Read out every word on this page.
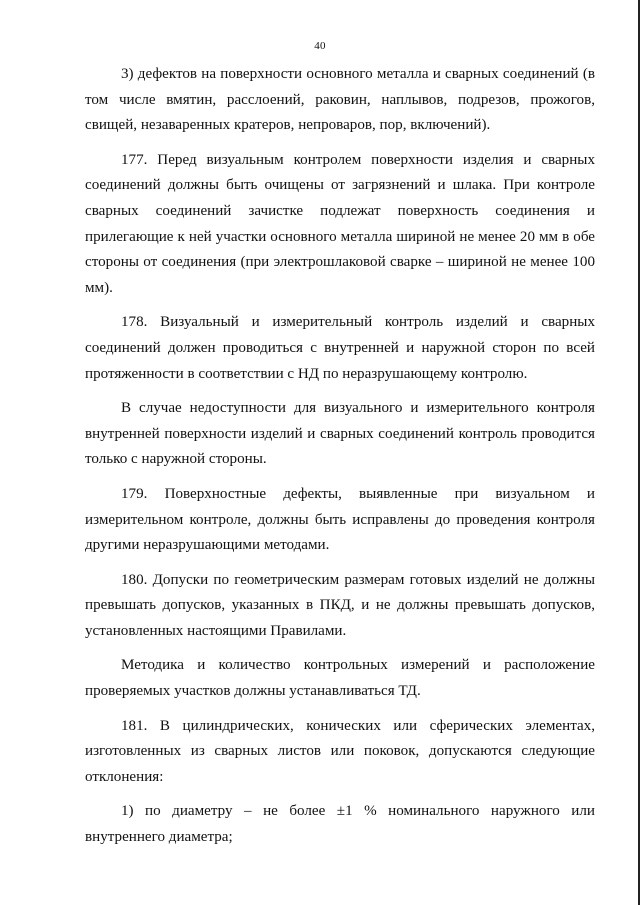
40

3) дефектов на поверхности основного металла и сварных соединений (в том числе вмятин, расслоений, раковин, наплывов, подрезов, прожогов, свищей, незаваренных кратеров, непроваров, пор, включений).

177. Перед визуальным контролем поверхности изделия и сварных соединений должны быть очищены от загрязнений и шлака. При контроле сварных соединений зачистке подлежат поверхность соединения и прилегающие к ней участки основного металла шириной не менее 20 мм в обе стороны от соединения (при электрошлаковой сварке – шириной не менее 100 мм).

178. Визуальный и измерительный контроль изделий и сварных соединений должен проводиться с внутренней и наружной сторон по всей протяженности в соответствии с НД по неразрушающему контролю.

В случае недоступности для визуального и измерительного контроля внутренней поверхности изделий и сварных соединений контроль проводится только с наружной стороны.

179. Поверхностные дефекты, выявленные при визуальном и измерительном контроле, должны быть исправлены до проведения контроля другими неразрушающими методами.

180. Допуски по геометрическим размерам готовых изделий не должны превышать допусков, указанных в ПКД, и не должны превышать допусков, установленных настоящими Правилами.

Методика и количество контрольных измерений и расположение проверяемых участков должны устанавливаться ТД.

181. В цилиндрических, конических или сферических элементах, изготовленных из сварных листов или поковок, допускаются следующие отклонения:

1) по диаметру – не более ±1 % номинального наружного или внутреннего диаметра;
